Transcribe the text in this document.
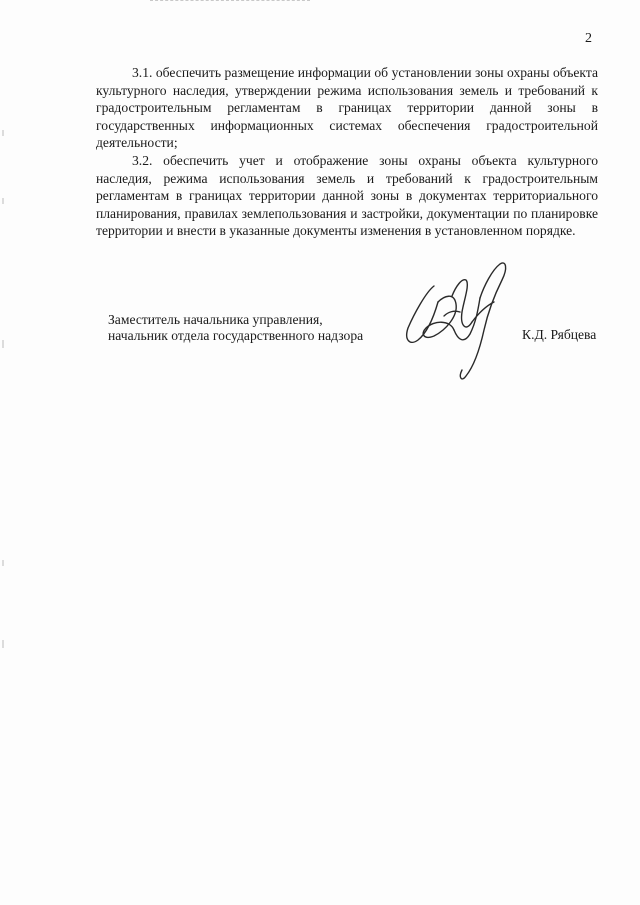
2

3.1. обеспечить размещение информации об установлении зоны охраны объекта культурного наследия, утверждении режима использования земель и требований к градостроительным регламентам в границах территории данной зоны в государственных информационных системах обеспечения градостроительной деятельности;

3.2. обеспечить учет и отображение зоны охраны объекта культурного наследия, режима использования земель и требований к градостроительным регламентам в границах территории данной зоны в документах территориального планирования, правилах землепользования и застройки, документации по планировке территории и внести в указанные документы изменения в установленном порядке.

Заместитель начальника управления,
начальник отдела государственного надзора	К.Д. Рябцева
